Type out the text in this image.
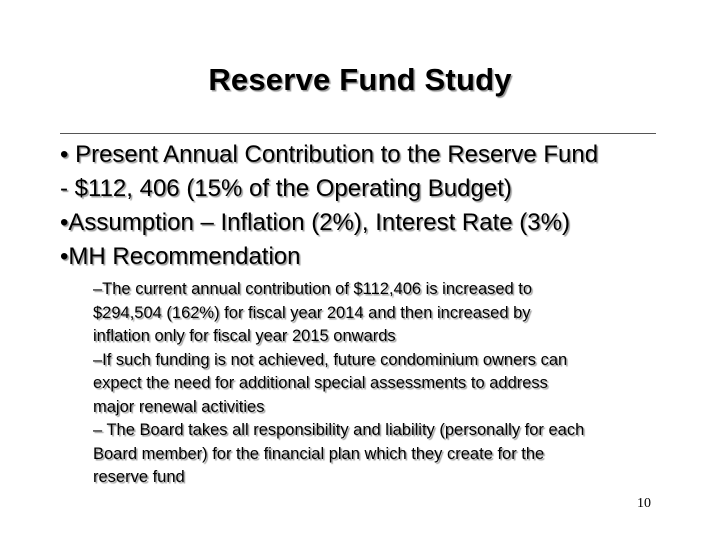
Reserve Fund Study

• Present Annual Contribution to the Reserve Fund

- $112, 406 (15% of the Operating Budget)

•Assumption – Inflation (2%), Interest Rate (3%)

•MH Recommendation

–The current annual contribution of $112,406 is increased to

$294,504 (162%) for fiscal year 2014 and then increased by

inflation only for fiscal year 2015 onwards

–If such funding is not achieved, future condominium owners can

expect the need for additional special assessments to address

major renewal activities

– The Board takes all responsibility and liability (personally for each

Board member) for the financial plan which they create for the

reserve fund

10
